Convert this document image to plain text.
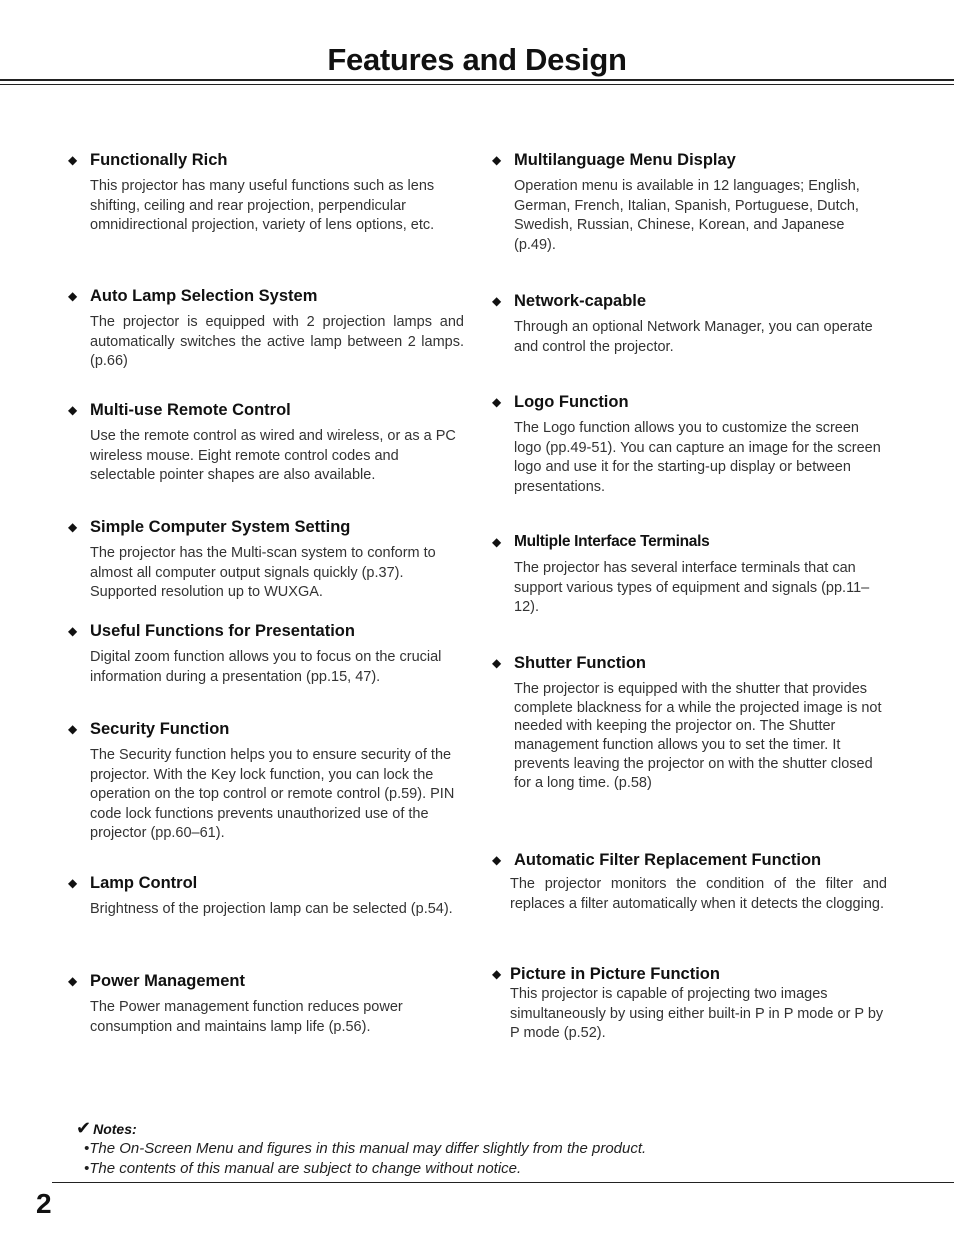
Features and Design
◆ Functionally Rich
This projector has many useful functions such as lens shifting, ceiling and rear projection, perpendicular omnidirectional projection, variety of lens options, etc.
◆ Auto Lamp Selection System
The projector is equipped with 2 projection lamps and automatically switches the active lamp between 2 lamps.(p.66)
◆ Multi-use Remote Control
Use the remote control as wired and wireless, or as a PC wireless mouse. Eight remote control codes and selectable pointer shapes are also available.
◆ Simple Computer System Setting
The projector has the Multi-scan system to conform to almost all computer output signals quickly (p.37). Supported resolution up to WUXGA.
◆ Useful Functions for Presentation
Digital zoom function allows you to focus on the crucial information during a presentation (pp.15, 47).
◆ Security Function
The Security function helps you to ensure security of the projector. With the Key lock function, you can lock the operation on the top control or remote control (p.59). PIN code lock functions prevents unauthorized use of the projector (pp.60–61).
◆ Lamp Control
Brightness of the projection lamp can be selected (p.54).
◆ Power Management
The Power management function reduces power consumption and maintains lamp life (p.56).
◆ Multilanguage Menu Display
Operation menu is available in 12 languages; English, German, French, Italian, Spanish, Portuguese, Dutch, Swedish, Russian, Chinese, Korean, and Japanese (p.49).
◆ Network-capable
Through an optional Network Manager, you can operate and control the projector.
◆ Logo Function
The Logo function allows you to customize the screen logo (pp.49-51). You can capture an image for the screen logo and use it for the starting-up display or between presentations.
◆ Multiple Interface Terminals
The projector has several interface terminals that can support various types of equipment and signals (pp.11–12).
◆ Shutter Function
The projector is equipped with the shutter that provides complete blackness for a while the projected image is not needed with keeping the projector on. The Shutter management function allows you to set the timer. It prevents leaving the projector on with the shutter closed for a long time. (p.58)
◆ Automatic Filter Replacement Function
The projector monitors the condition of the filter and replaces a filter automatically when it detects the clogging.
◆ Picture in Picture Function
This projector is capable of projecting two images simultaneously by using either built-in P in P mode or P by P mode (p.52).
✔ Notes:
•The On-Screen Menu and figures in this manual may differ slightly from the product.
•The contents of this manual are subject to change without notice.
2
